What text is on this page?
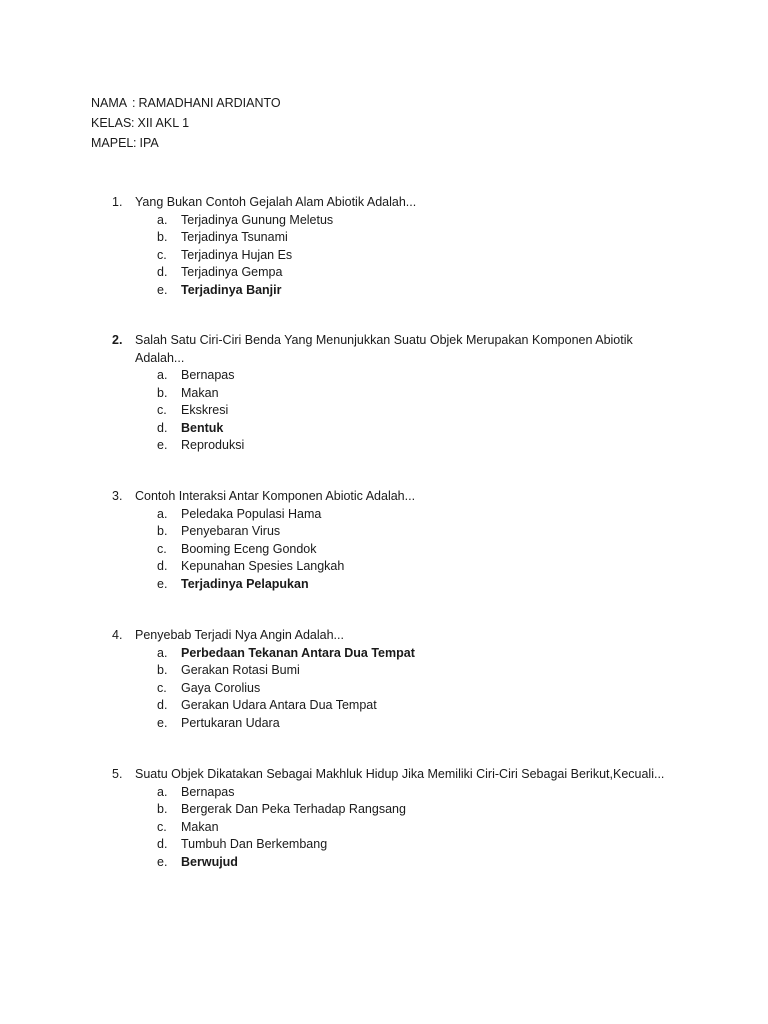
NAMA : RAMADHANI ARDIANTO
KELAS: XII AKL 1
MAPEL: IPA
1.	Yang Bukan Contoh Gejalah Alam Abiotik Adalah...
a.	Terjadinya Gunung Meletus
b.	Terjadinya Tsunami
c.	Terjadinya Hujan Es
d.	Terjadinya Gempa
e.	Terjadinya Banjir
2.	Salah Satu Ciri-Ciri Benda Yang Menunjukkan Suatu Objek Merupakan Komponen Abiotik Adalah...
a.	Bernapas
b.	Makan
c.	Ekskresi
d.	Bentuk
e.	Reproduksi
3.	Contoh Interaksi Antar Komponen Abiotic Adalah...
a.	Peledaka Populasi Hama
b.	Penyebaran Virus
c.	Booming Eceng Gondok
d.	Kepunahan Spesies Langkah
e.	Terjadinya Pelapukan
4.	Penyebab Terjadi Nya Angin Adalah...
a.	Perbedaan Tekanan Antara Dua Tempat
b.	Gerakan Rotasi Bumi
c.	Gaya Corolius
d.	Gerakan Udara Antara Dua Tempat
e.	Pertukaran Udara
5.	Suatu Objek Dikatakan Sebagai Makhluk Hidup Jika Memiliki Ciri-Ciri Sebagai Berikut,Kecuali...
a.	Bernapas
b.	Bergerak Dan Peka Terhadap Rangsang
c.	Makan
d.	Tumbuh Dan Berkembang
e.	Berwujud
